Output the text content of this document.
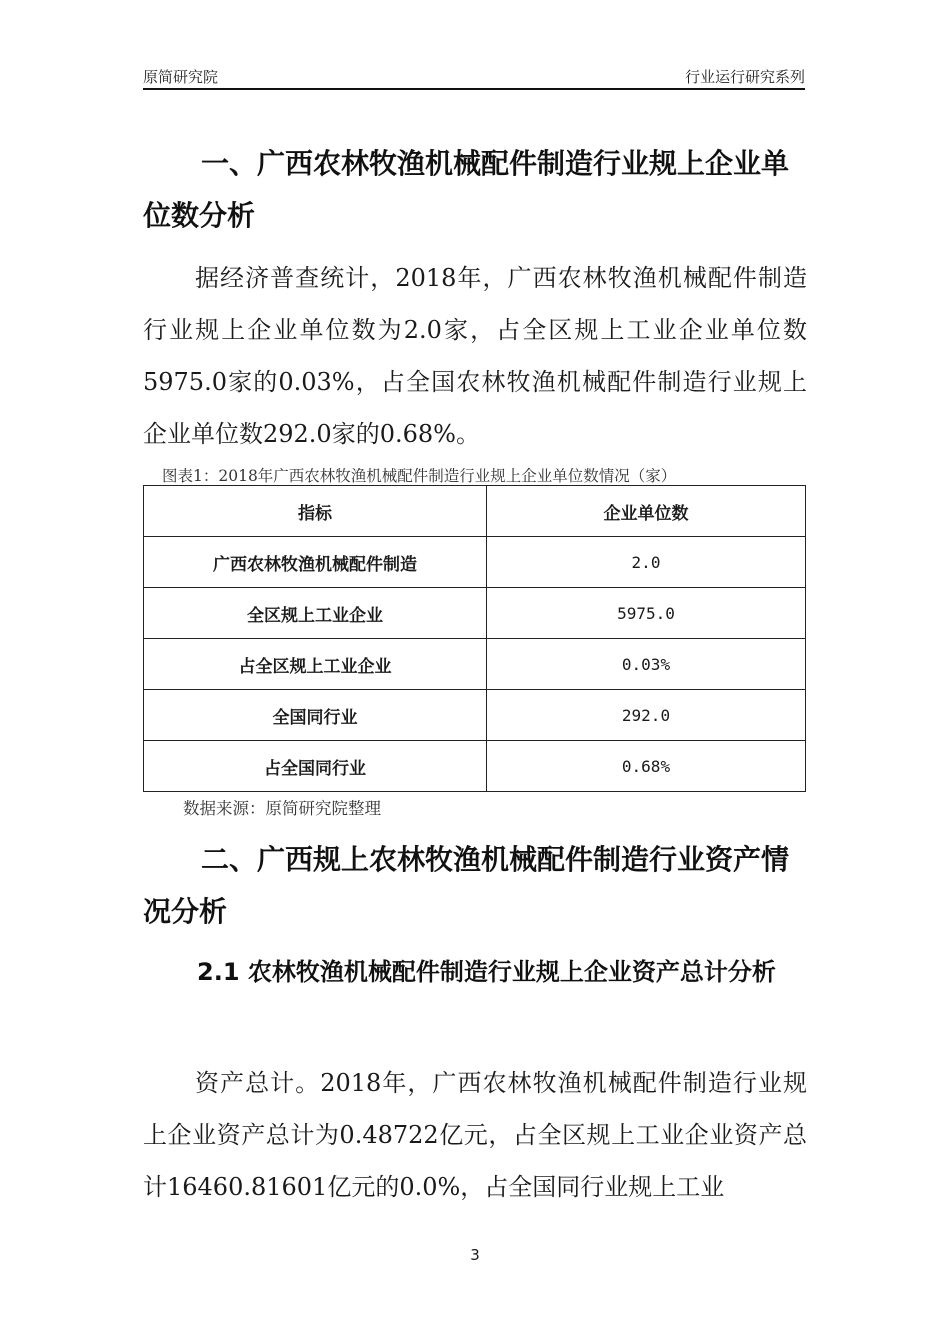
原简研究院	行业运行研究系列
一、广西农林牧渔机械配件制造行业规上企业单位数分析

据经济普查统计，2018年，广西农林牧渔机械配件制造行业规上企业单位数为2.0家，占全区规上工业企业单位数5975.0家的0.03%，占全国农林牧渔机械配件制造行业规上企业单位数292.0家的0.68%。

图表1：2018年广西农林牧渔机械配件制造行业规上企业单位数情况（家）
指标	企业单位数
广西农林牧渔机械配件制造	2.0
全区规上工业企业	5975.0
占全区规上工业企业	0.03%
全国同行业	292.0
占全国同行业	0.68%
数据来源：原简研究院整理
二、广西规上农林牧渔机械配件制造行业资产情况分析
2.1 农林牧渔机械配件制造行业规上企业资产总计分析

资产总计。2018年，广西农林牧渔机械配件制造行业规上企业资产总计为0.48722亿元，占全区规上工业企业资产总计16460.81601亿元的0.0%，占全国同行业规上工业

3
